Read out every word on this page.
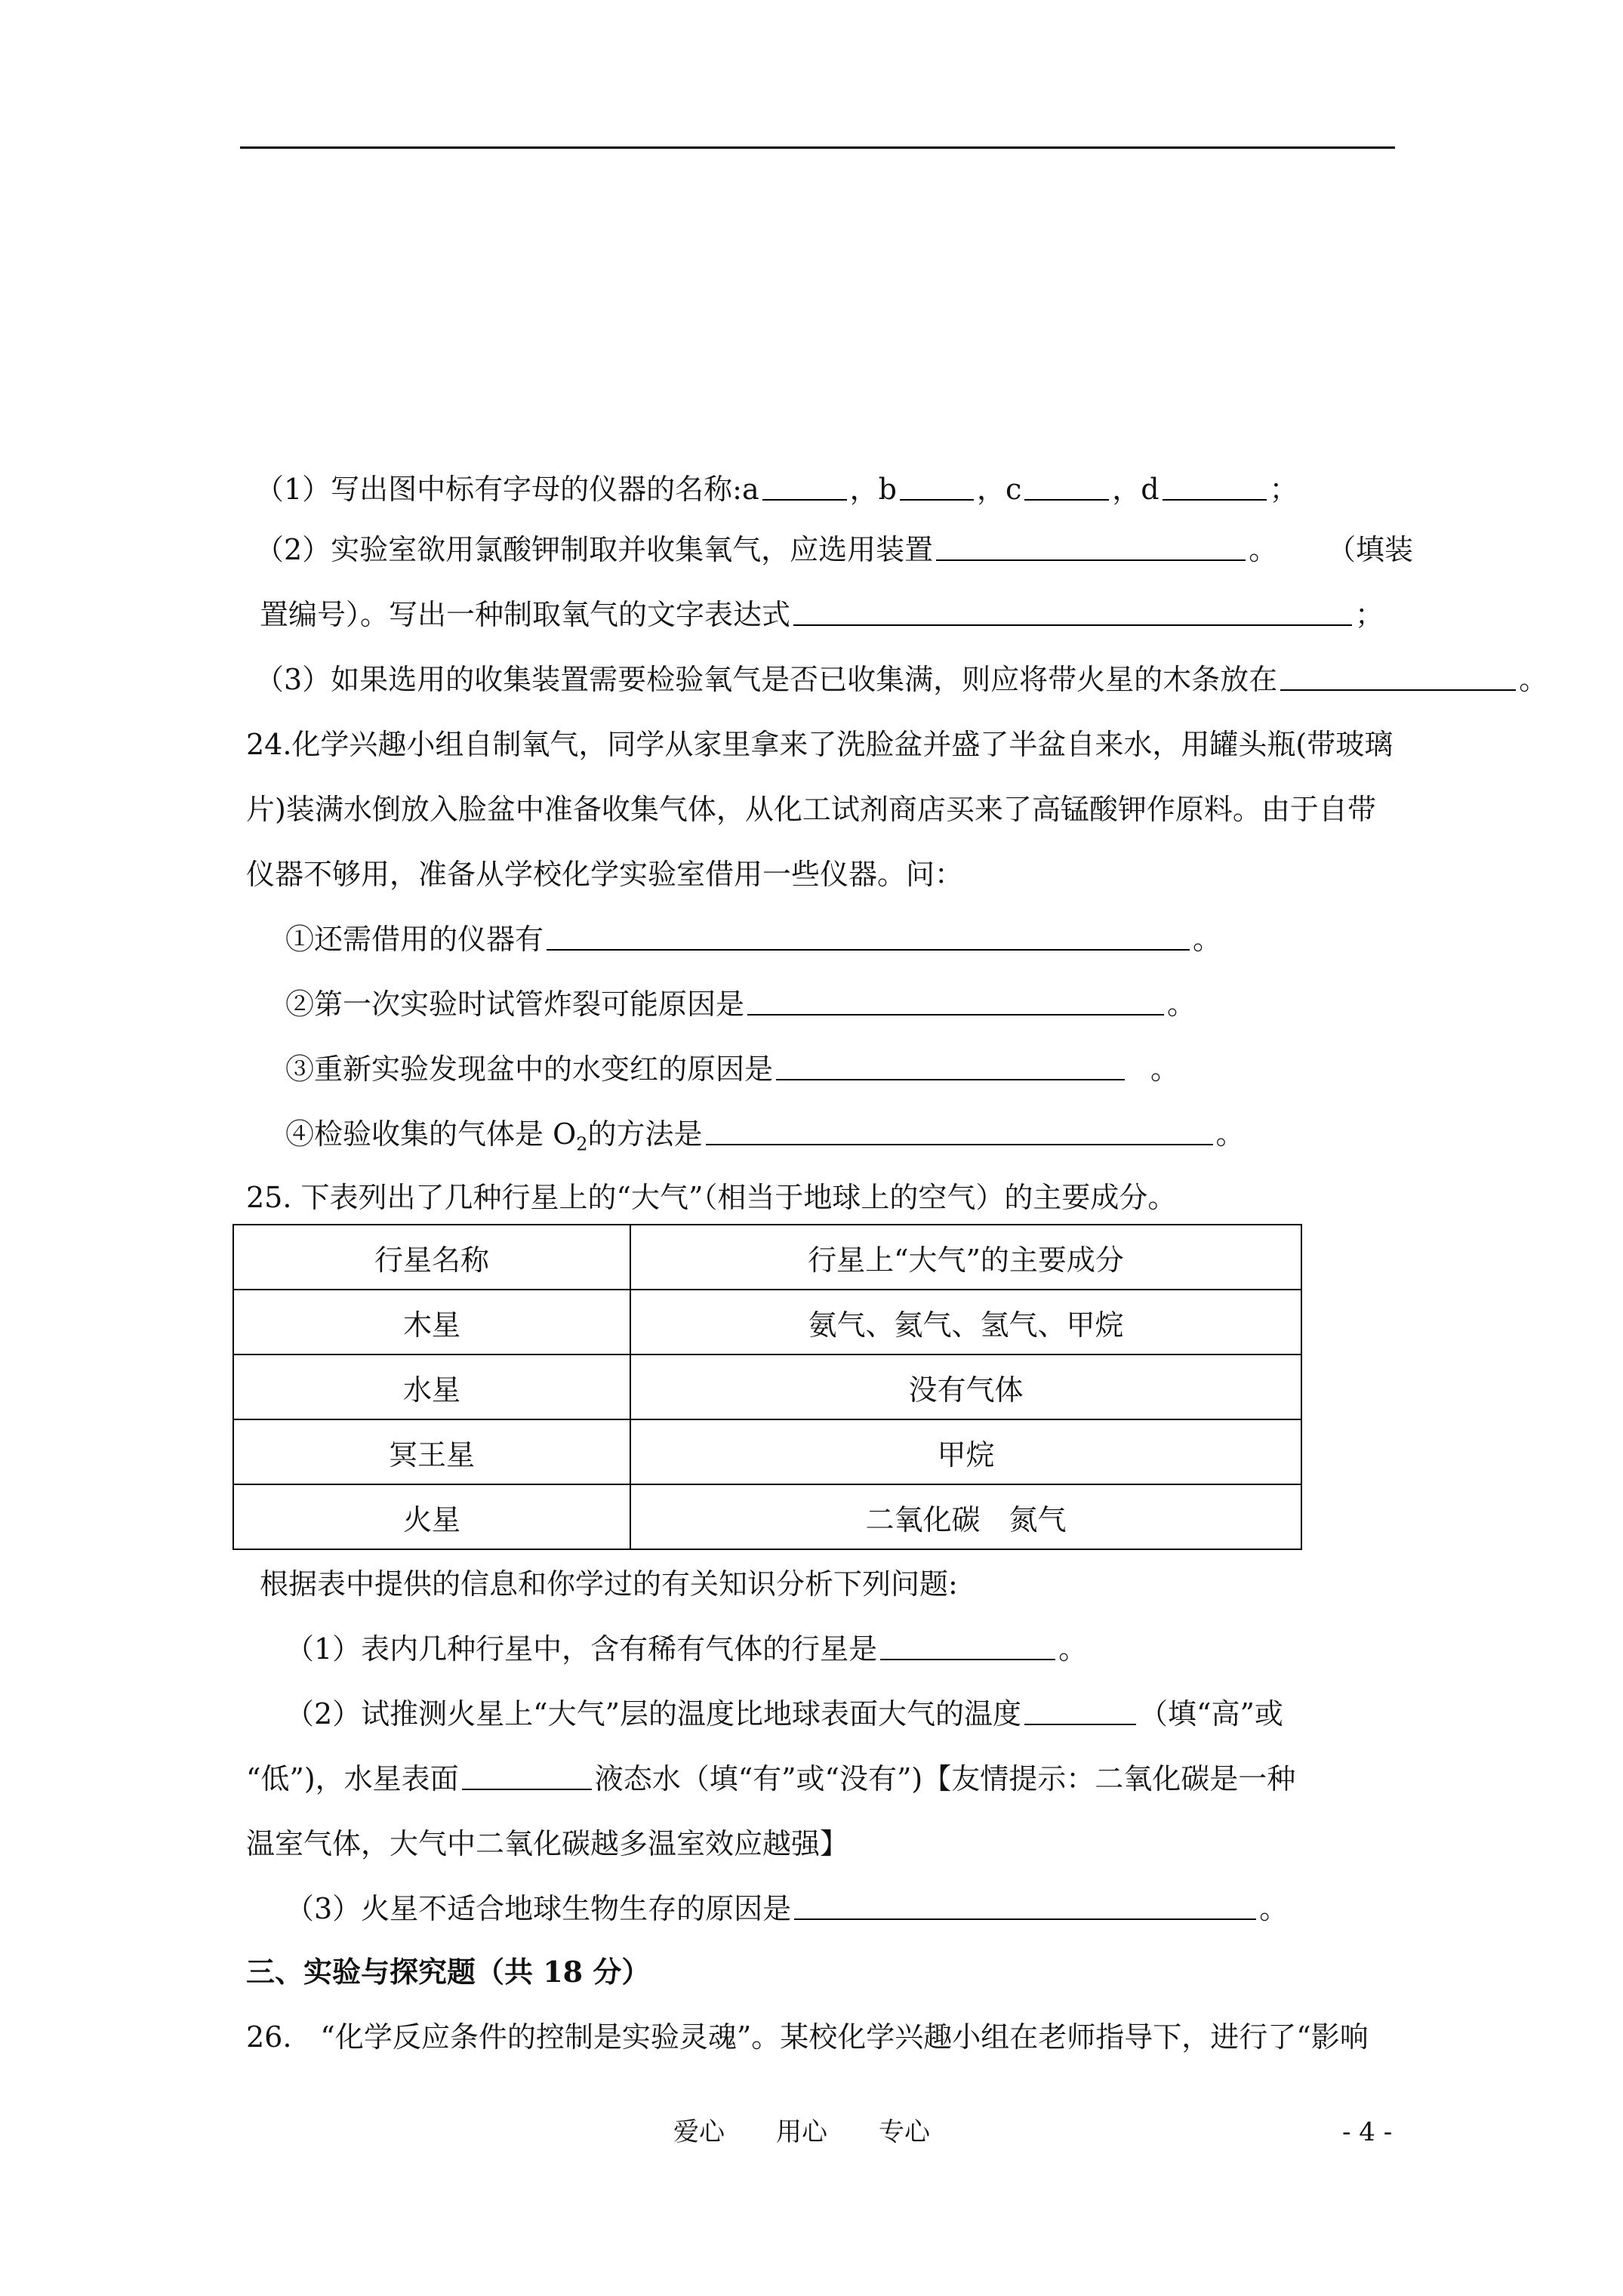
（1）写出图中标有字母的仪器的名称:a	，b	，c	，d	；
（2）实验室欲用氯酸钾制取并收集氧气，应选用装置	。 （填装
置编号）。写出一种制取氧气的文字表达式	；
（3）如果选用的收集装置需要检验氧气是否已收集满，则应将带火星的木条放在	。
24.化学兴趣小组自制氧气，同学从家里拿来了洗脸盆并盛了半盆自来水，用罐头瓶(带玻璃
片)装满水倒放入脸盆中准备收集气体，从化工试剂商店买来了高锰酸钾作原料。由于自带
仪器不够用，准备从学校化学实验室借用一些仪器。问：
①还需借用的仪器有	。
②第一次实验时试管炸裂可能原因是	。
③重新实验发现盆中的水变红的原因是	。
④检验收集的气体是 $O_2$的方法是	。
25. 下表列出了几种行星上的“大气”（相当于地球上的空气）的主要成分。
行星名称	行星上“大气”的主要成分
木星	氨气、氦气、氢气、甲烷
水星	没有气体
冥王星	甲烷
火星	二氧化碳　氮气
根据表中提供的信息和你学过的有关知识分析下列问题:
（1）表内几种行星中，含有稀有气体的行星是	。
（2）试推测火星上“大气”层的温度比地球表面大气的温度	（填“高”或
“低”)，水星表面	液态水（填“有”或“没有”)【友情提示：二氧化碳是一种
温室气体，大气中二氧化碳越多温室效应越强】
（3）火星不适合地球生物生存的原因是	。
三、实验与探究题（共 18 分）
26.　“化学反应条件的控制是实验灵魂”。某校化学兴趣小组在老师指导下，进行了“影响
爱心　　用心　　专心	- 4 -
